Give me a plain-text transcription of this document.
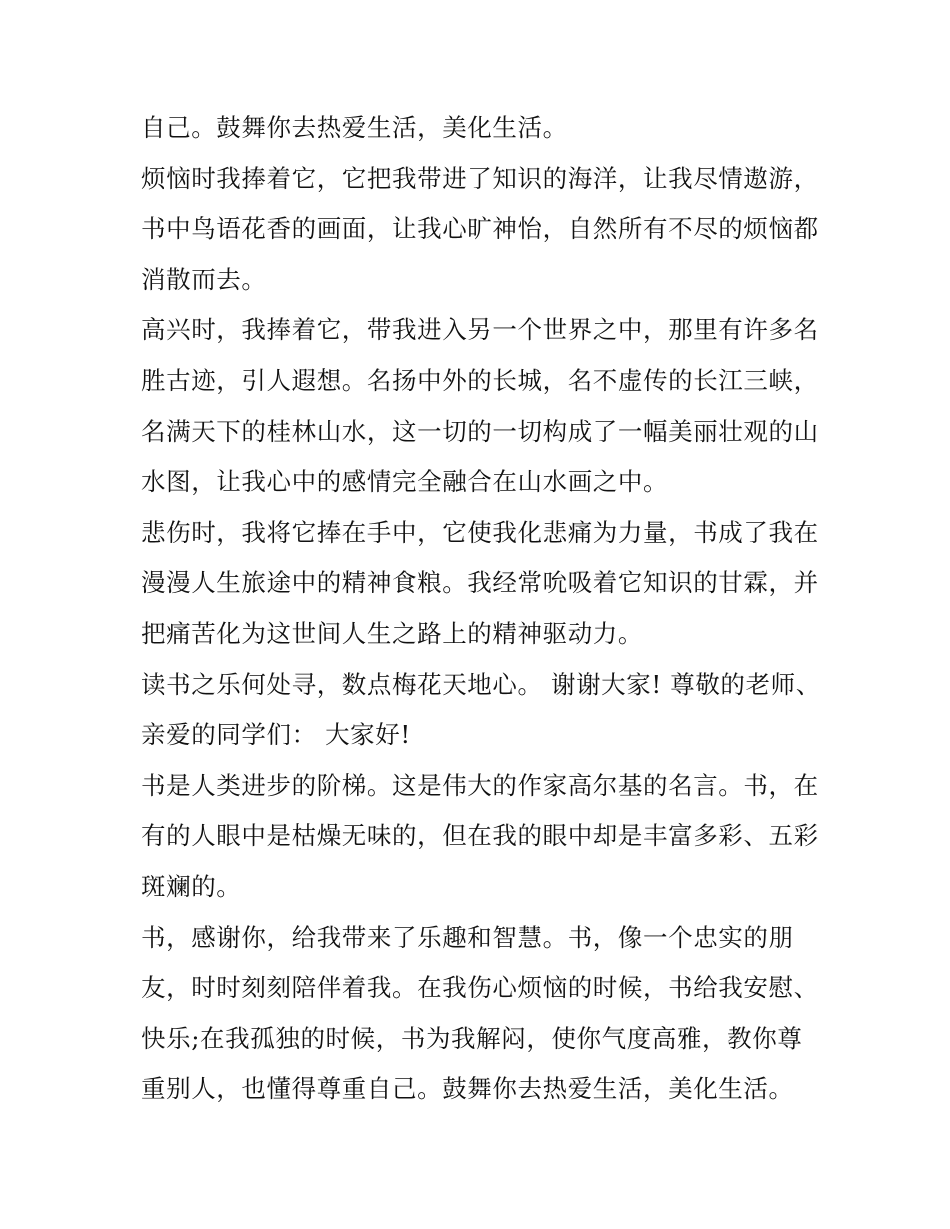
自己。鼓舞你去热爱生活，美化生活。
烦恼时我捧着它，它把我带进了知识的海洋，让我尽情遨游，
书中鸟语花香的画面，让我心旷神怡，自然所有不尽的烦恼都
消散而去。
高兴时，我捧着它，带我进入另一个世界之中，那里有许多名
胜古迹，引人遐想。名扬中外的长城，名不虚传的长江三峡，
名满天下的桂林山水，这一切的一切构成了一幅美丽壮观的山
水图，让我心中的感情完全融合在山水画之中。
悲伤时，我将它捧在手中，它使我化悲痛为力量，书成了我在
漫漫人生旅途中的精神食粮。我经常吮吸着它知识的甘霖，并
把痛苦化为这世间人生之路上的精神驱动力。
读书之乐何处寻，数点梅花天地心。 谢谢大家! 尊敬的老师、
亲爱的同学们： 大家好!
书是人类进步的阶梯。这是伟大的作家高尔基的名言。书，在
有的人眼中是枯燥无味的，但在我的眼中却是丰富多彩、五彩
斑斓的。
书，感谢你，给我带来了乐趣和智慧。书，像一个忠实的朋
友，时时刻刻陪伴着我。在我伤心烦恼的时候，书给我安慰、
快乐;在我孤独的时候，书为我解闷，使你气度高雅，教你尊
重别人，也懂得尊重自己。鼓舞你去热爱生活，美化生活。
